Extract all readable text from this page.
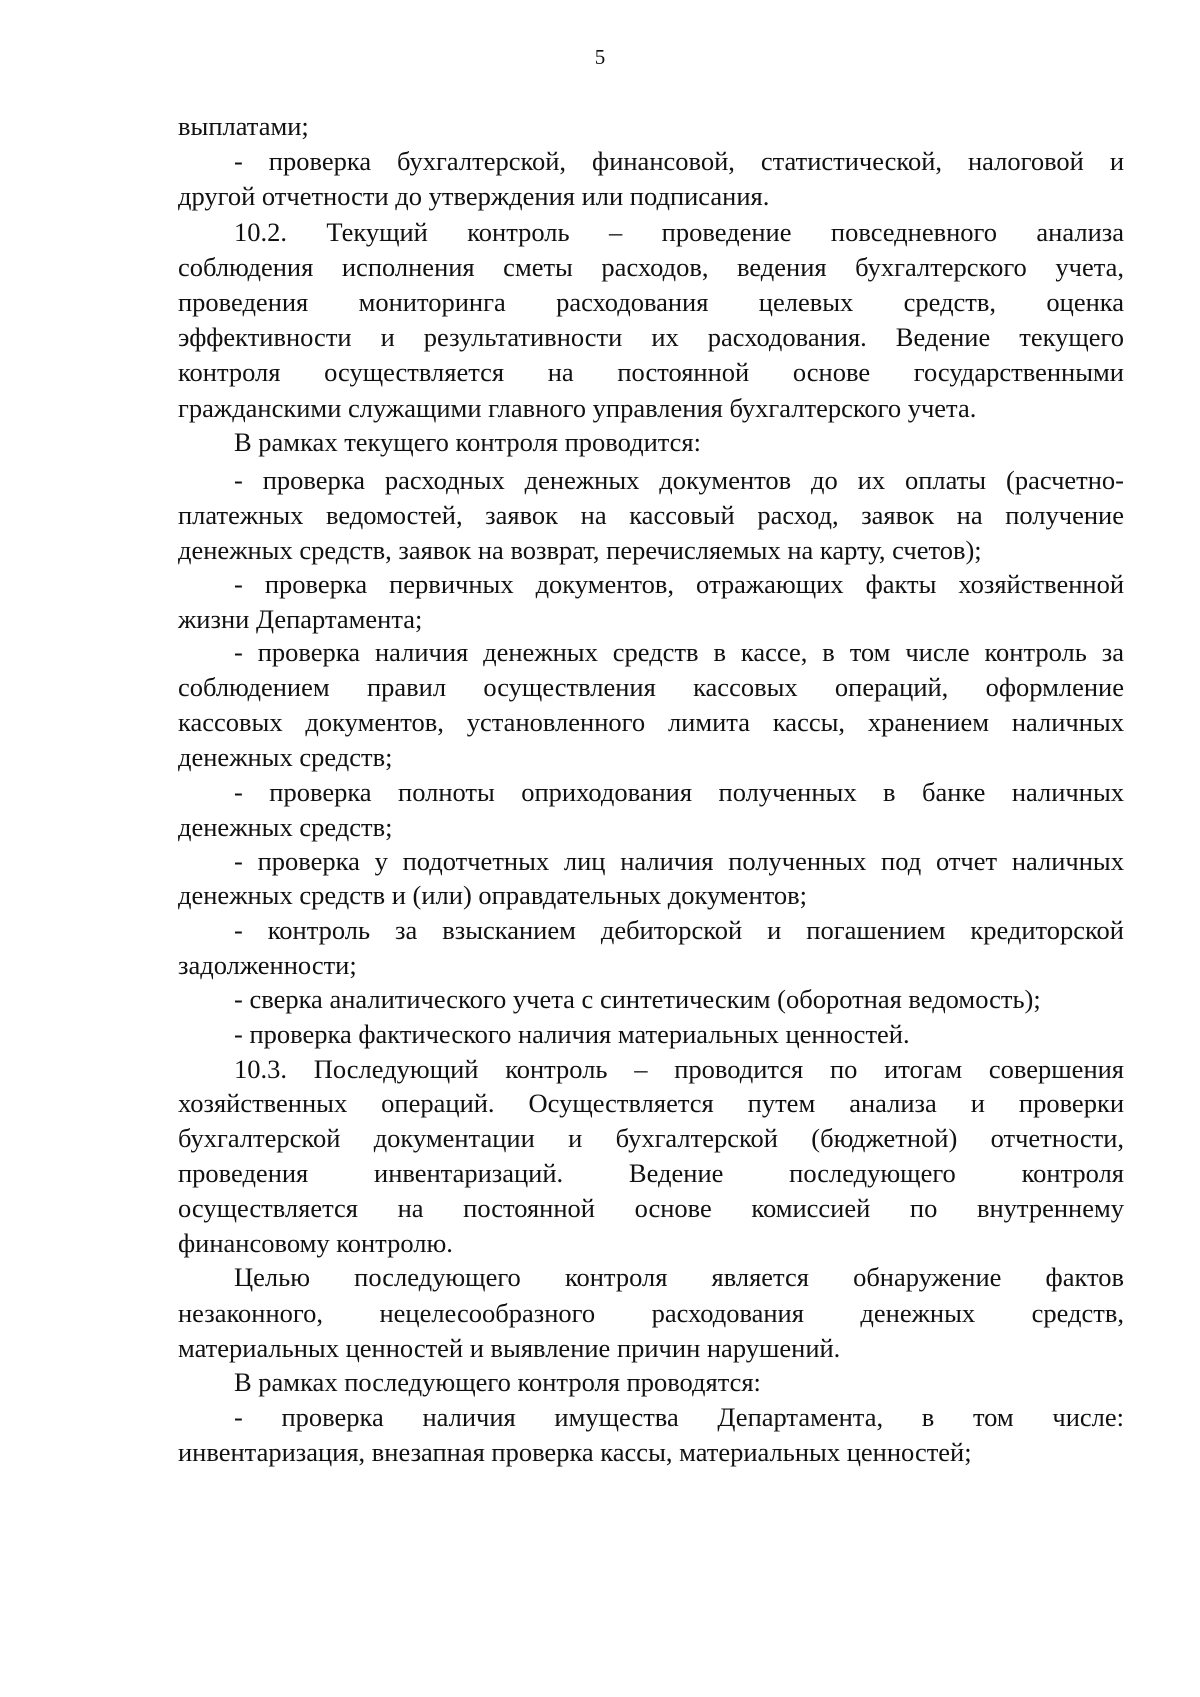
5
выплатами;
- проверка бухгалтерской, финансовой, статистической, налоговой и
другой отчетности до утверждения или подписания.
10.2. Текущий контроль – проведение повседневного анализа
соблюдения исполнения сметы расходов, ведения бухгалтерского учета,
проведения мониторинга расходования целевых средств, оценка
эффективности и результативности их расходования. Ведение текущего
контроля осуществляется на постоянной основе государственными
гражданскими служащими главного управления бухгалтерского учета.
В рамках текущего контроля проводится:
- проверка расходных денежных документов до их оплаты (расчетно-
платежных ведомостей, заявок на кассовый расход, заявок на получение
денежных средств, заявок на возврат, перечисляемых на карту, счетов);
- проверка первичных документов, отражающих факты хозяйственной
жизни Департамента;
- проверка наличия денежных средств в кассе, в том числе контроль за
соблюдением правил осуществления кассовых операций, оформление
кассовых документов, установленного лимита кассы, хранением наличных
денежных средств;
- проверка полноты оприходования полученных в банке наличных
денежных средств;
- проверка у подотчетных лиц наличия полученных под отчет наличных
денежных средств и (или) оправдательных документов;
- контроль за взысканием дебиторской и погашением кредиторской
задолженности;
- сверка аналитического учета с синтетическим (оборотная ведомость);
- проверка фактического наличия материальных ценностей.
10.3. Последующий контроль – проводится по итогам совершения
хозяйственных операций. Осуществляется путем анализа и проверки
бухгалтерской документации и бухгалтерской (бюджетной) отчетности,
проведения инвентаризаций. Ведение последующего контроля
осуществляется на постоянной основе комиссией по внутреннему
финансовому контролю.
Целью последующего контроля является обнаружение фактов
незаконного, нецелесообразного расходования денежных средств,
материальных ценностей и выявление причин нарушений.
В рамках последующего контроля проводятся:
- проверка наличия имущества Департамента, в том числе:
инвентаризация, внезапная проверка кассы, материальных ценностей;
